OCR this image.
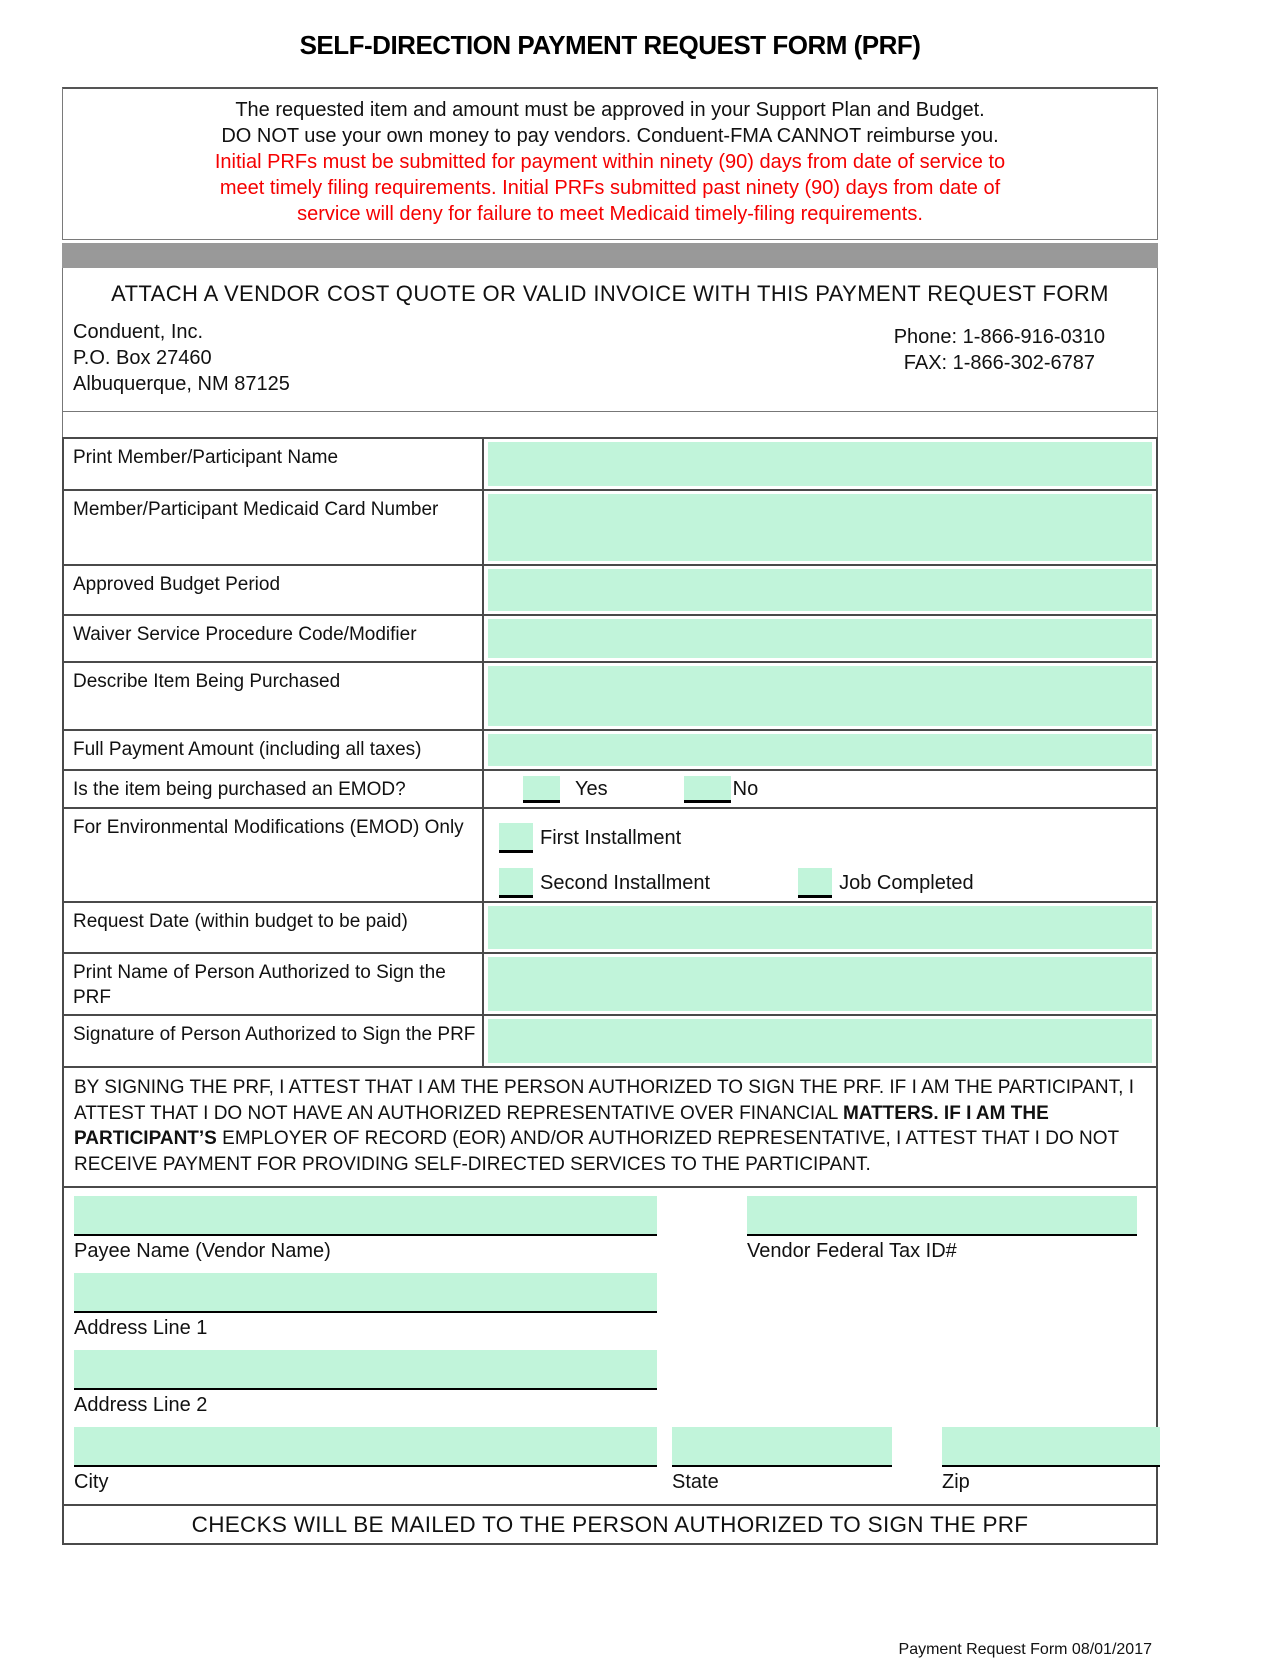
SELF-DIRECTION PAYMENT REQUEST FORM (PRF)
The requested item and amount must be approved in your Support Plan and Budget.
DO NOT use your own money to pay vendors. Conduent-FMA CANNOT reimburse you.
Initial PRFs must be submitted for payment within ninety (90) days from date of service to
meet timely filing requirements. Initial PRFs submitted past ninety (90) days from date of
service will deny for failure to meet Medicaid timely-filing requirements.
ATTACH A VENDOR COST QUOTE OR VALID INVOICE WITH THIS PAYMENT REQUEST FORM
Conduent, Inc.
P.O. Box 27460
Albuquerque, NM 87125
Phone: 1-866-916-0310
FAX: 1-866-302-6787
Print Member/Participant Name
Member/Participant Medicaid Card Number
Approved Budget Period
Waiver Service Procedure Code/Modifier
Describe Item Being Purchased
Full Payment Amount (including all taxes)
Is the item being purchased an EMOD?	Yes	No
For Environmental Modifications (EMOD) Only	First Installment
Second Installment	Job Completed
Request Date (within budget to be paid)
Print Name of Person Authorized to Sign the PRF
Signature of Person Authorized to Sign the PRF
BY SIGNING THE PRF, I ATTEST THAT I AM THE PERSON AUTHORIZED TO SIGN THE PRF. IF I AM THE PARTICIPANT, I ATTEST THAT I DO NOT HAVE AN AUTHORIZED REPRESENTATIVE OVER FINANCIAL MATTERS. IF I AM THE PARTICIPANT’S EMPLOYER OF RECORD (EOR) AND/OR AUTHORIZED REPRESENTATIVE, I ATTEST THAT I DO NOT RECEIVE PAYMENT FOR PROVIDING SELF-DIRECTED SERVICES TO THE PARTICIPANT.
Payee Name (Vendor Name)	Vendor Federal Tax ID#
Address Line 1
Address Line 2
City	State	Zip
CHECKS WILL BE MAILED TO THE PERSON AUTHORIZED TO SIGN THE PRF
Payment Request Form 08/01/2017
